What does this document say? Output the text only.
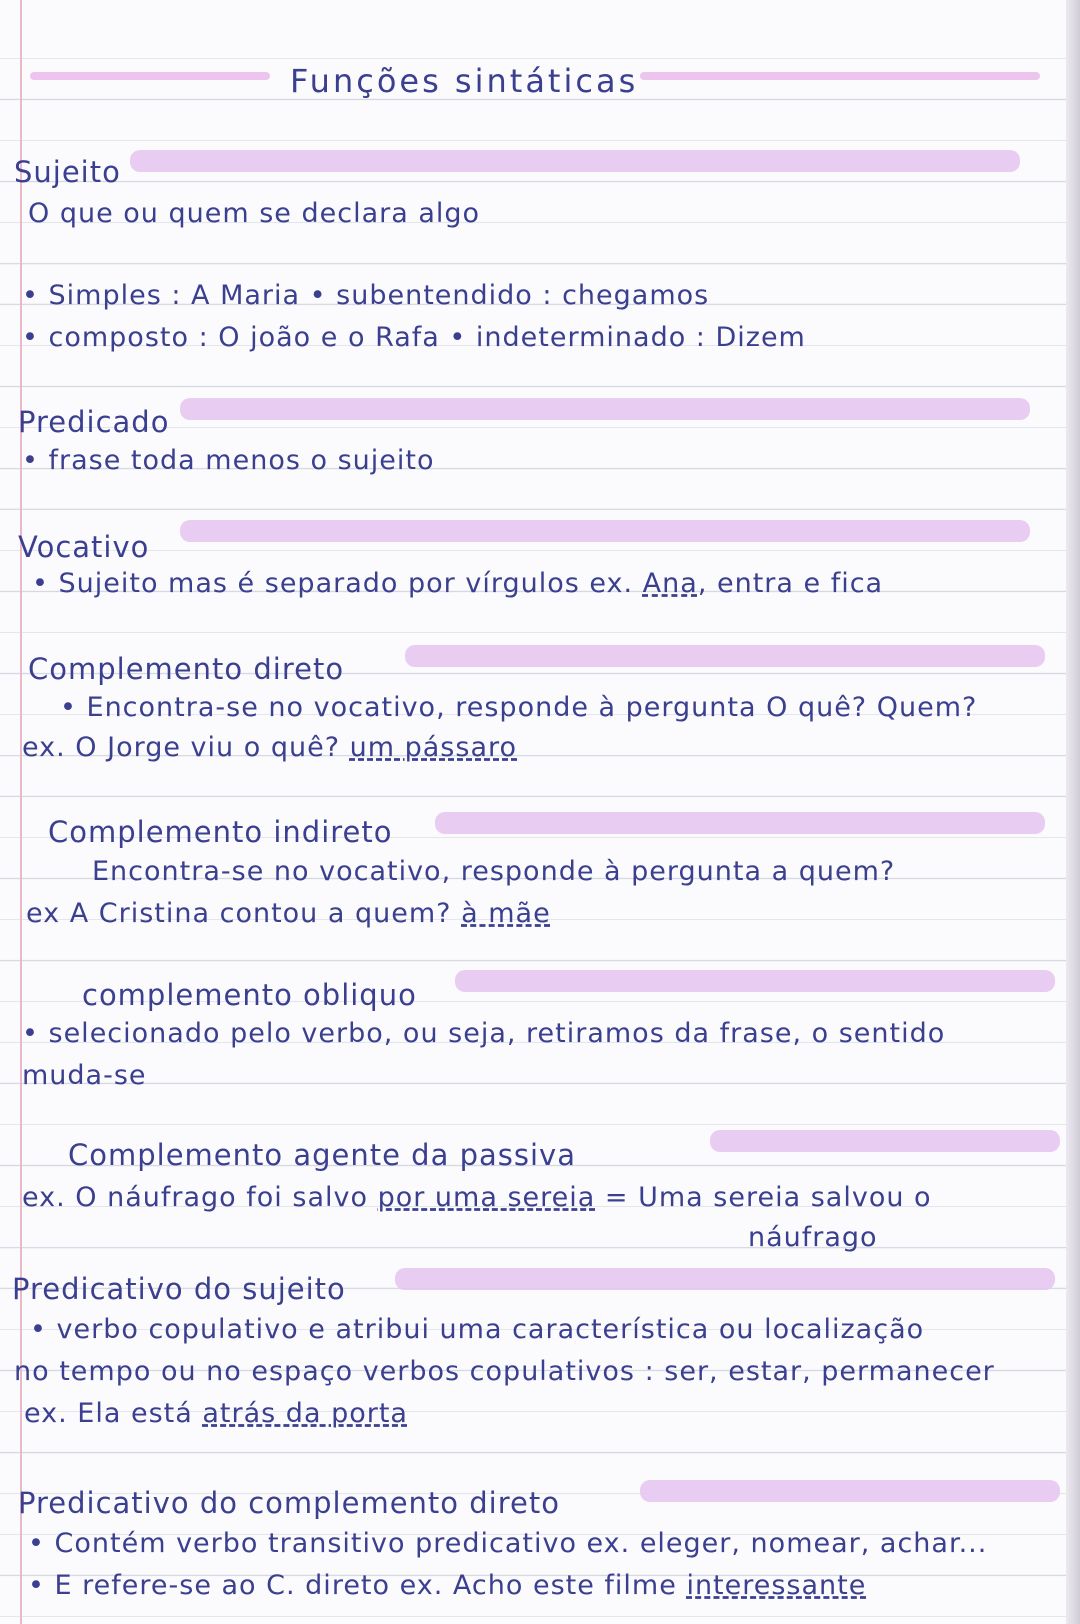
Funções sintáticas
Sujeito
O que ou quem se declara algo
• Simples : A Maria • subentendido : chegamos
• composto : O joão e o Rafa • indeterminado : Dizem
Predicado
• frase toda menos o sujeito
Vocativo
• Sujeito mas é separado por vírgulos ex. Ana, entra e fica
Complemento direto
• Encontra-se no vocativo, responde à pergunta O quê? Quem?
ex. O Jorge viu o quê? um pássaro
Complemento indireto
Encontra-se no vocativo, responde à pergunta a quem?
ex A Cristina contou a quem? à mãe
complemento obliquo
• selecionado pelo verbo, ou seja, retiramos da frase, o sentido
muda-se
Complemento agente da passiva
ex. O náufrago foi salvo por uma sereia = Uma sereia salvou o
náufrago
Predicativo do sujeito
• verbo copulativo e atribui uma característica ou localização
no tempo ou no espaço verbos copulativos : ser, estar, permanecer
ex. Ela está atrás da porta
Predicativo do complemento direto
• Contém verbo transitivo predicativo ex. eleger, nomear, achar...
• E refere-se ao C. direto ex. Acho este filme interessante
